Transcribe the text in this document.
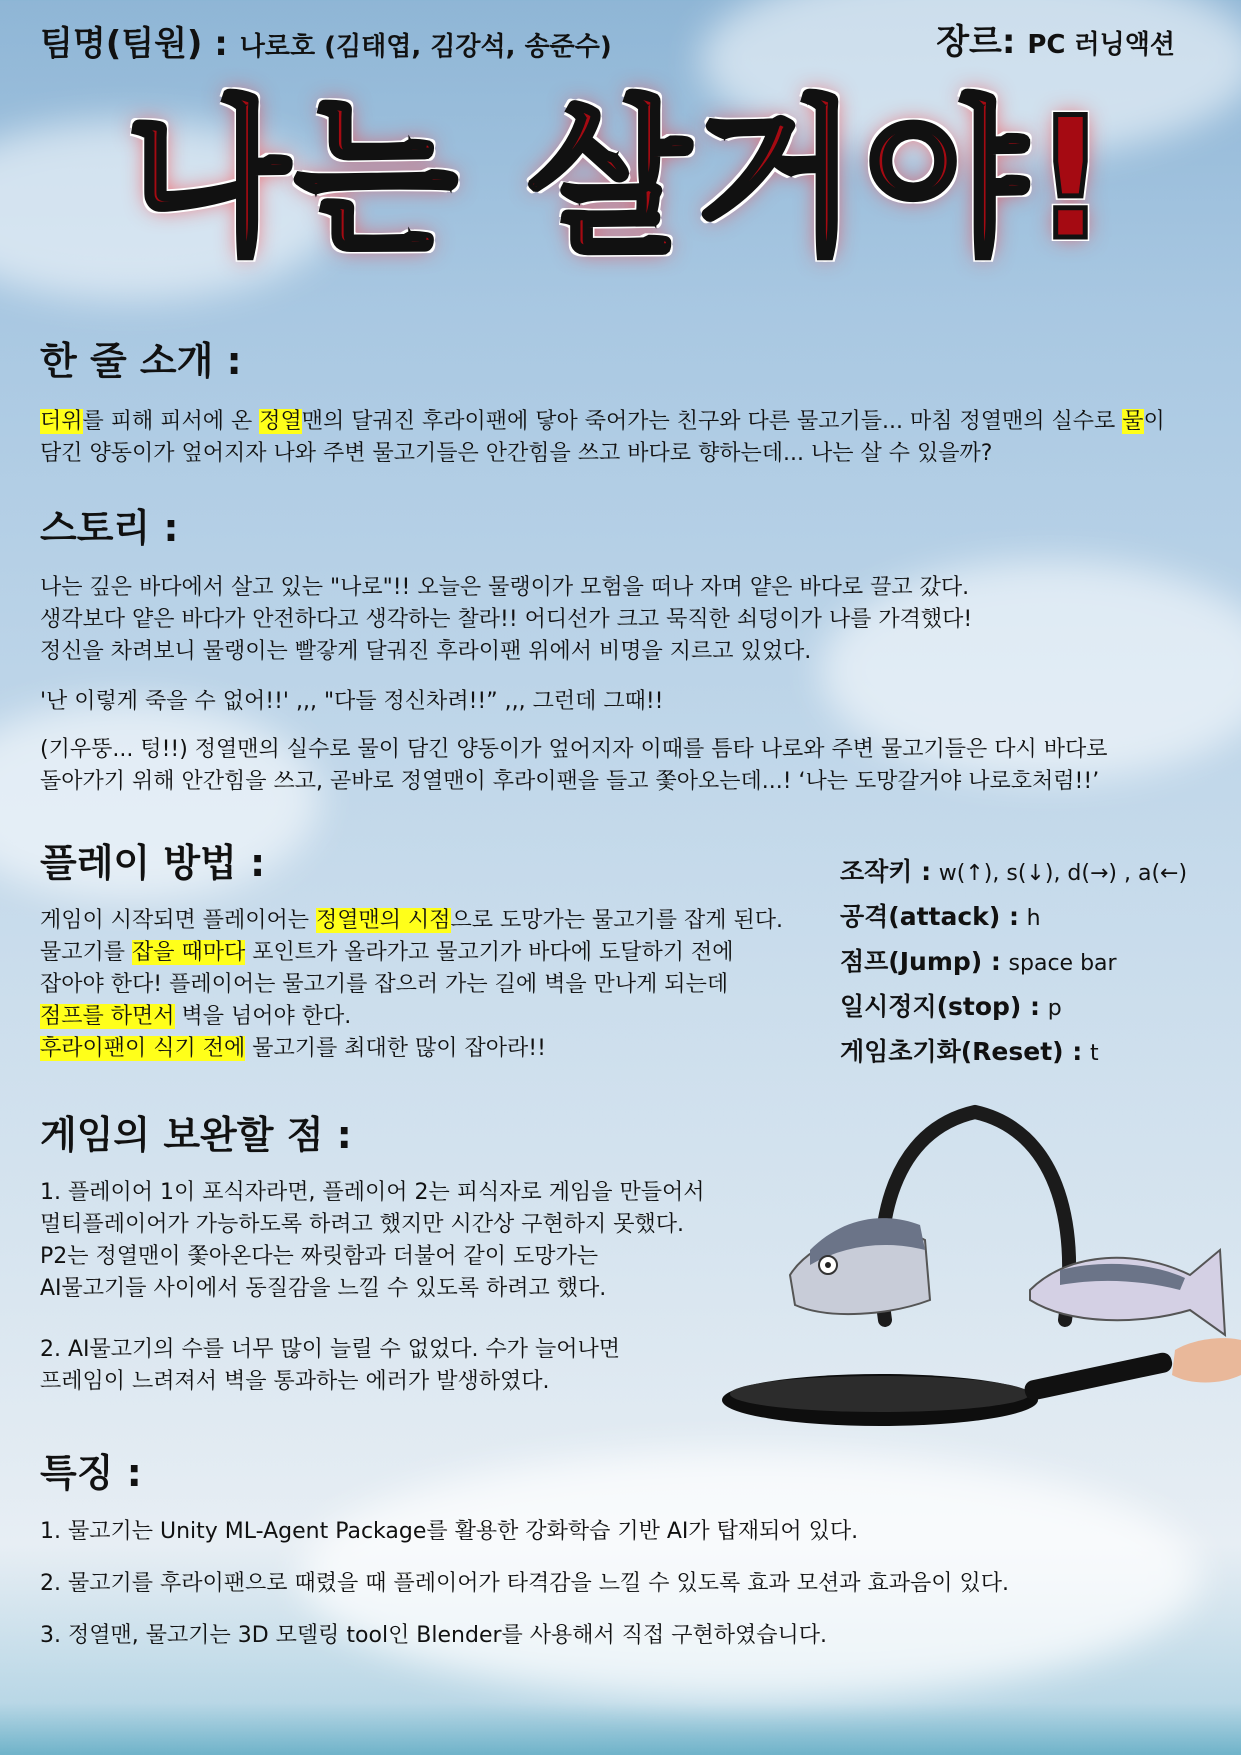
팀명(팀원) : 나로호 (김태엽, 김강석, 송준수)	장르: PC 러닝액션
나는 살거야!
한 줄 소개 :
더위를 피해 피서에 온 정열맨의 달궈진 후라이팬에 닿아 죽어가는 친구와 다른 물고기들... 마침 정열맨의 실수로 물이
담긴 양동이가 엎어지자 나와 주변 물고기들은 안간힘을 쓰고 바다로 향하는데... 나는 살 수 있을까?
스토리 :
나는 깊은 바다에서 살고 있는 "나로"!! 오늘은 물랭이가 모험을 떠나 자며 얕은 바다로 끌고 갔다.
생각보다 얕은 바다가 안전하다고 생각하는 찰라!! 어디선가 크고 묵직한 쇠덩이가 나를 가격했다!
정신을 차려보니 물랭이는 빨갛게 달궈진 후라이팬 위에서 비명을 지르고 있었다.
'난 이렇게 죽을 수 없어!!' ,,, "다들 정신차려!!” ,,, 그런데 그때!!
(기우뚱... 텅!!) 정열맨의 실수로 물이 담긴 양동이가 엎어지자 이때를 틈타 나로와 주변 물고기들은 다시 바다로
돌아가기 위해 안간힘을 쓰고, 곧바로 정열맨이 후라이팬을 들고 쫓아오는데...! ‘나는 도망갈거야 나로호처럼!!’
플레이 방법 :
게임이 시작되면 플레이어는 정열맨의 시점으로 도망가는 물고기를 잡게 된다.
물고기를 잡을 때마다 포인트가 올라가고 물고기가 바다에 도달하기 전에
잡아야 한다! 플레이어는 물고기를 잡으러 가는 길에 벽을 만나게 되는데
점프를 하면서 벽을 넘어야 한다.
후라이팬이 식기 전에 물고기를 최대한 많이 잡아라!!
조작키 : w(↑), s(↓), d(→) , a(←)
공격(attack) : h
점프(Jump) : space bar
일시정지(stop) : p
게임초기화(Reset) : t
게임의 보완할 점 :
1. 플레이어 1이 포식자라면, 플레이어 2는 피식자로 게임을 만들어서
멀티플레이어가 가능하도록 하려고 했지만 시간상 구현하지 못했다.
P2는 정열맨이 쫓아온다는 짜릿함과 더불어 같이 도망가는
AI물고기들 사이에서 동질감을 느낄 수 있도록 하려고 했다.
2. AI물고기의 수를 너무 많이 늘릴 수 없었다. 수가 늘어나면
프레임이 느려져서 벽을 통과하는 에러가 발생하였다.
특징 :
1. 물고기는 Unity ML-Agent Package를 활용한 강화학습 기반 AI가 탑재되어 있다.
2. 물고기를 후라이팬으로 때렸을 때 플레이어가 타격감을 느낄 수 있도록 효과 모션과 효과음이 있다.
3. 정열맨, 물고기는 3D 모델링 tool인 Blender를 사용해서 직접 구현하였습니다.
